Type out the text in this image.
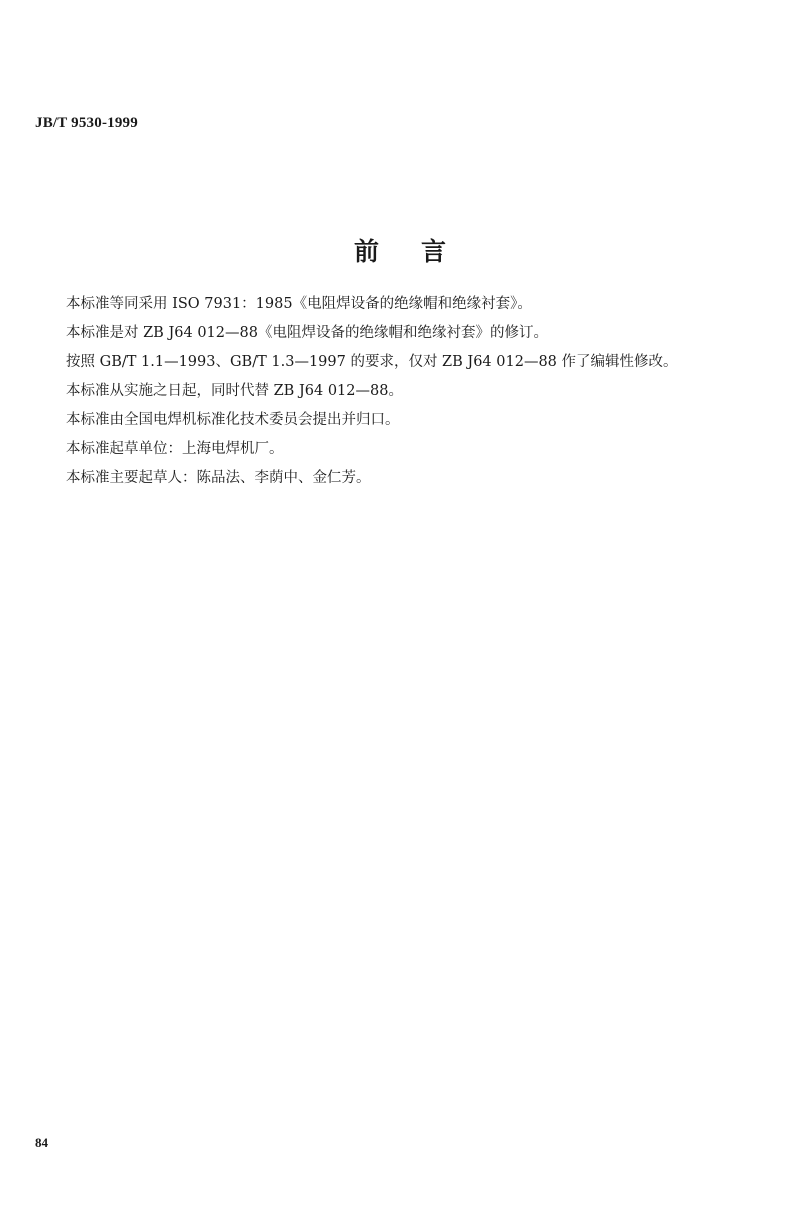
JB/T 9530-1999

前 言
本标准等同采用 ISO 7931：1985《电阻焊设备的绝缘帽和绝缘衬套》。
本标准是对 ZB J64 012—88《电阻焊设备的绝缘帽和绝缘衬套》的修订。
按照 GB/T 1.1—1993、GB/T 1.3—1997 的要求，仅对 ZB J64 012—88 作了编辑性修改。
本标准从实施之日起，同时代替 ZB J64 012—88。
本标准由全国电焊机标准化技术委员会提出并归口。
本标准起草单位：上海电焊机厂。
本标准主要起草人：陈品法、李荫中、金仁芳。

84
